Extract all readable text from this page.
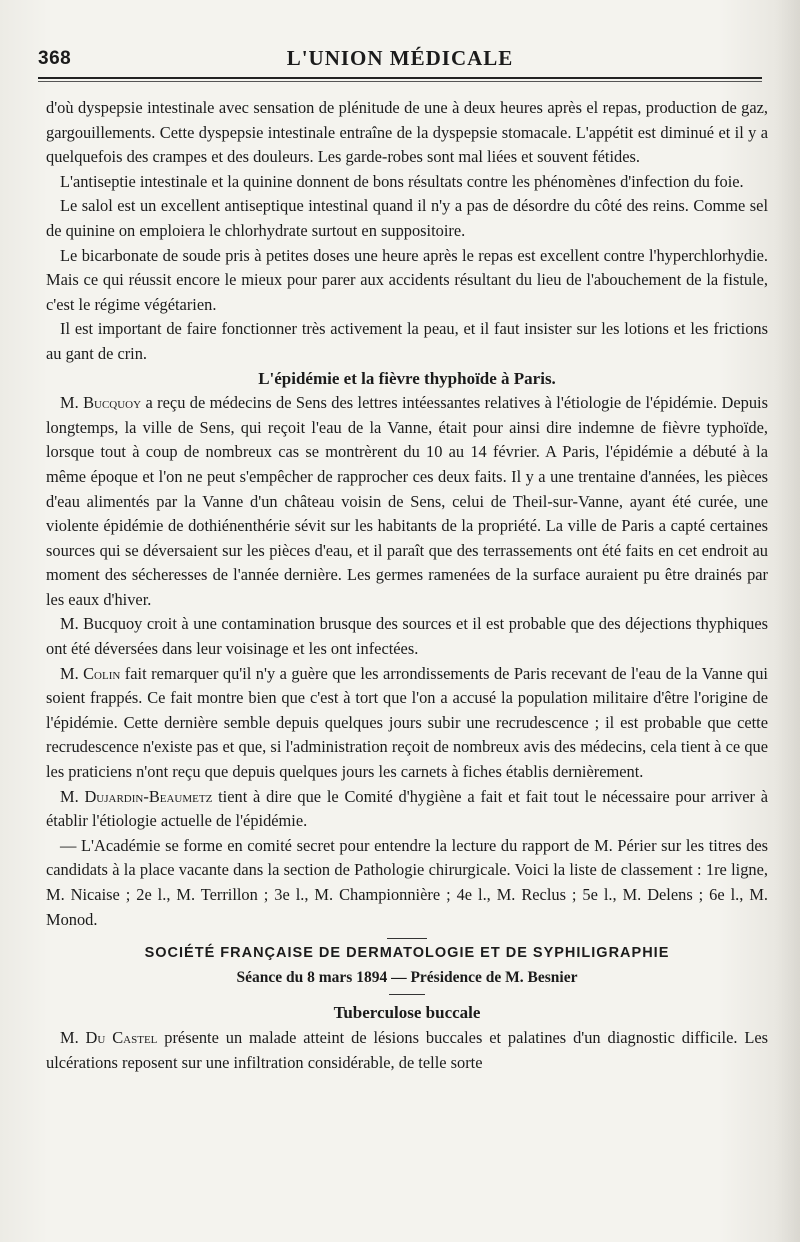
368	L'UNION MÉDICALE

d'où dyspepsie intestinale avec sensation de plénitude de une à deux heures après el repas, production de gaz, gargouillements. Cette dyspepsie intestinale entraîne de la dyspepsie stomacale. L'appétit est diminué et il y a quelquefois des crampes et des douleurs. Les garde-robes sont mal liées et souvent fétides.

L'antiseptie intestinale et la quinine donnent de bons résultats contre les phénomènes d'infection du foie.

Le salol est un excellent antiseptique intestinal quand il n'y a pas de désordre du côté des reins. Comme sel de quinine on emploiera le chlorhydrate surtout en suppositoire.

Le bicarbonate de soude pris à petites doses une heure après le repas est excellent contre l'hyperchlorhydie. Mais ce qui réussit encore le mieux pour parer aux accidents résultant du lieu de l'abouchement de la fistule, c'est le régime végétarien.

Il est important de faire fonctionner très activement la peau, et il faut insister sur les lotions et les frictions au gant de crin.

L'épidémie et la fièvre thyphoïde à Paris.

M. Bucquoy a reçu de médecins de Sens des lettres intéessantes relatives à l'étiologie de l'épidémie. Depuis longtemps, la ville de Sens, qui reçoit l'eau de la Vanne, était pour ainsi dire indemne de fièvre typhoïde, lorsque tout à coup de nombreux cas se montrèrent du 10 au 14 février. A Paris, l'épidémie a débuté à la même époque et l'on ne peut s'empêcher de rapprocher ces deux faits. Il y a une trentaine d'années, les pièces d'eau alimentés par la Vanne d'un château voisin de Sens, celui de Theil-sur-Vanne, ayant été curée, une violente épidémie de dothiénenthérie sévit sur les habitants de la propriété. La ville de Paris a capté certaines sources qui se déversaient sur les pièces d'eau, et il paraît que des terrassements ont été faits en cet endroit au moment des sécheresses de l'année dernière. Les germes ramenées de la surface auraient pu être drainés par les eaux d'hiver.

M. Bucquoy croit à une contamination brusque des sources et il est probable que des déjections thyphiques ont été déversées dans leur voisinage et les ont infectées.

M. Colin fait remarquer qu'il n'y a guère que les arrondissements de Paris recevant de l'eau de la Vanne qui soient frappés. Ce fait montre bien que c'est à tort que l'on a accusé la population militaire d'être l'origine de l'épidémie. Cette dernière semble depuis quelques jours subir une recrudescence ; il est probable que cette recrudescence n'existe pas et que, si l'administration reçoit de nombreux avis des médecins, cela tient à ce que les praticiens n'ont reçu que depuis quelques jours les carnets à fiches établis dernièrement.

M. Dujardin-Beaumetz tient à dire que le Comité d'hygiène a fait et fait tout le nécessaire pour arriver à établir l'étiologie actuelle de l'épidémie.

— L'Académie se forme en comité secret pour entendre la lecture du rapport de M. Périer sur les titres des candidats à la place vacante dans la section de Pathologie chirurgicale. Voici la liste de classement : 1re ligne, M. Nicaise ; 2e l., M. Terrillon ; 3e l., M. Championnière ; 4e l., M. Reclus ; 5e l., M. Delens ; 6e l., M. Monod.

SOCIÉTÉ FRANÇAISE DE DERMATOLOGIE ET DE SYPHILIGRAPHIE

Séance du 8 mars 1894 — Présidence de M. Besnier

Tuberculose buccale

M. Du Castel présente un malade atteint de lésions buccales et palatines d'un diagnostic difficile. Les ulcérations reposent sur une infiltration considérable, de telle sorte
